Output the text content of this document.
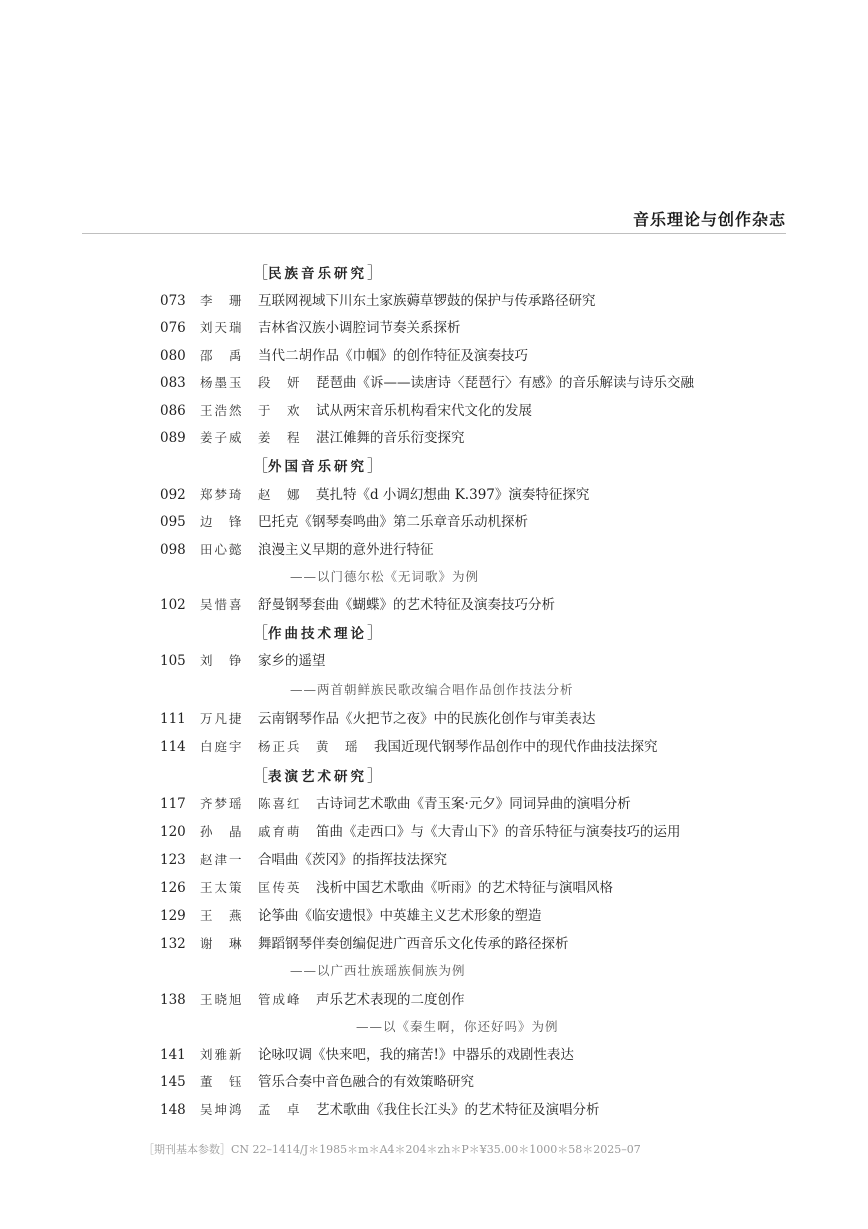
音乐理论与创作杂志
［民族音乐研究］
073 李　珊 互联网视域下川东土家族薅草锣鼓的保护与传承路径研究
076 刘天瑞 吉林省汉族小调腔词节奏关系探析
080 邵　禹 当代二胡作品《巾帼》的创作特征及演奏技巧
083 杨墨玉 段　妍 琵琶曲《诉——读唐诗〈琵琶行〉有感》的音乐解读与诗乐交融
086 王浩然 于　欢 试从两宋音乐机构看宋代文化的发展
089 姜子威 姜　程 湛江傩舞的音乐衍变探究
［外国音乐研究］
092 郑梦琦 赵　娜 莫扎特《d 小调幻想曲 K.397》演奏特征探究
095 边　锋 巴托克《钢琴奏鸣曲》第二乐章音乐动机探析
098 田心懿 浪漫主义早期的意外进行特征
——以门德尔松《无词歌》为例
102 吴惜喜 舒曼钢琴套曲《蝴蝶》的艺术特征及演奏技巧分析
［作曲技术理论］
105 刘　铮 家乡的遥望
——两首朝鲜族民歌改编合唱作品创作技法分析
111 万凡捷 云南钢琴作品《火把节之夜》中的民族化创作与审美表达
114 白庭宇 杨正兵 黄　瑶 我国近现代钢琴作品创作中的现代作曲技法探究
［表演艺术研究］
117 齐梦瑶 陈喜红 古诗词艺术歌曲《青玉案·元夕》同词异曲的演唱分析
120 孙　晶 戚育萌 笛曲《走西口》与《大青山下》的音乐特征与演奏技巧的运用
123 赵津一 合唱曲《茨冈》的指挥技法探究
126 王太策 匡传英 浅析中国艺术歌曲《听雨》的艺术特征与演唱风格
129 王　燕 论筝曲《临安遗恨》中英雄主义艺术形象的塑造
132 谢　琳 舞蹈钢琴伴奏创编促进广西音乐文化传承的路径探析
——以广西壮族瑶族侗族为例
138 王晓旭 管成峰 声乐艺术表现的二度创作
——以《秦生啊，你还好吗》为例
141 刘雅新 论咏叹调《快来吧，我的痛苦!》中器乐的戏剧性表达
145 董　钰 管乐合奏中音色融合的有效策略研究
148 吴坤鸿 孟　卓 艺术歌曲《我住长江头》的艺术特征及演唱分析
［期刊基本参数］CN 22–1414/J＊1985＊m＊A4＊204＊zh＊P＊¥35.00＊1000＊58＊2025–07
